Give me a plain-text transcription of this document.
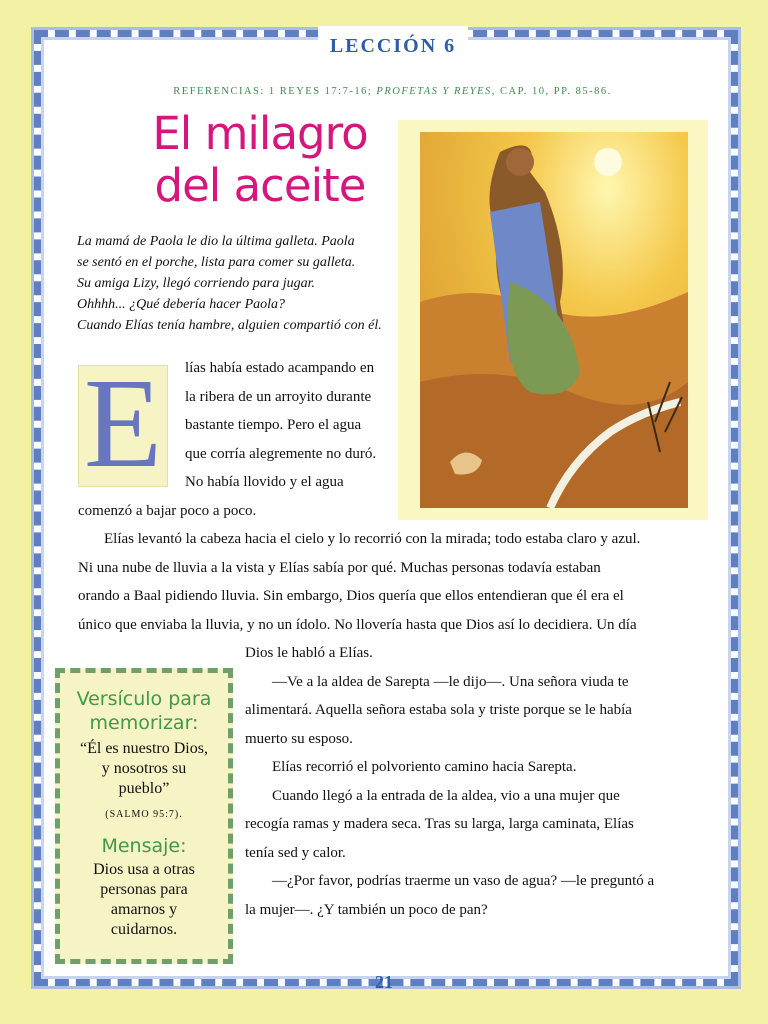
LECCIÓN 6
REFERENCIAS: 1 REYES 17:7-16; PROFETAS Y REYES, CAP. 10, PP. 85-86.
El milagro
del aceite
La mamá de Paola le dio la última galleta. Paola
se sentó en el porche, lista para comer su galleta.
Su amiga Lizy, llegó corriendo para jugar.
Ohhhh... ¿Qué debería hacer Paola?
Cuando Elías tenía hambre, alguien compartió con él.
E	lías había estado acampando en
la ribera de un arroyito durante
bastante tiempo. Pero el agua
que corría alegremente no duró.
No había llovido y el agua
comenzó a bajar poco a poco.
Elías levantó la cabeza hacia el cielo y lo recorrió con la mirada; todo estaba claro y azul.
Ni una nube de lluvia a la vista y Elías sabía por qué. Muchas personas todavía estaban
orando a Baal pidiendo lluvia. Sin embargo, Dios quería que ellos entendieran que él era el
único que enviaba la lluvia, y no un ídolo. No llovería hasta que Dios así lo decidiera. Un día
Dios le habló a Elías.
—Ve a la aldea de Sarepta —le dijo—. Una señora viuda te
alimentará. Aquella señora estaba sola y triste porque se le había
muerto su esposo.
Elías recorrió el polvoriento camino hacia Sarepta.
Cuando llegó a la entrada de la aldea, vio a una mujer que
recogía ramas y madera seca. Tras su larga, larga caminata, Elías
tenía sed y calor.
—¿Por favor, podrías traerme un vaso de agua? —le preguntó a
la mujer—. ¿Y también un poco de pan?
Versículo para
memorizar:
“Él es nuestro Dios,
y nosotros su
pueblo”
(SALMO 95:7).
Mensaje:
Dios usa a otras
personas para
amarnos y
cuidarnos.
21
